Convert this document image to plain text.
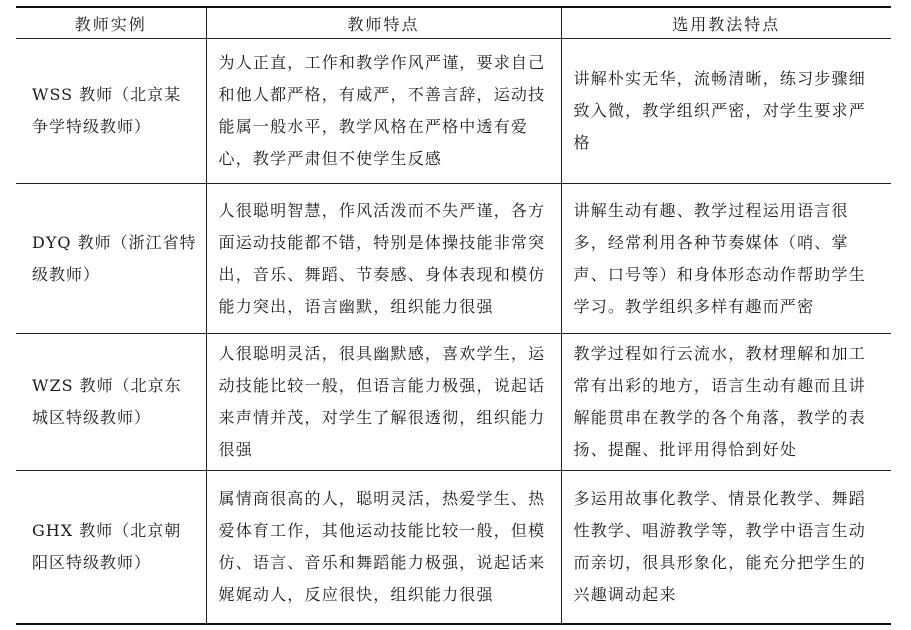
教师实例	教师特点	选用教法特点
WSS 教师（北京某争学特级教师）	为人正直，工作和教学作风严谨，要求自己和他人都严格，有威严，不善言辞，运动技能属一般水平，教学风格在严格中透有爱心，教学严肃但不使学生反感	讲解朴实无华，流畅清晰，练习步骤细致入微，教学组织严密，对学生要求严格
DYQ 教师（浙江省特级教师）	人很聪明智慧，作风活泼而不失严谨，各方面运动技能都不错，特别是体操技能非常突出，音乐、舞蹈、节奏感、身体表现和模仿能力突出，语言幽默，组织能力很强	讲解生动有趣、教学过程运用语言很多，经常利用各种节奏媒体（哨、掌声、口号等）和身体形态动作帮助学生学习。教学组织多样有趣而严密
WZS 教师（北京东城区特级教师）	人很聪明灵活，很具幽默感，喜欢学生，运动技能比较一般，但语言能力极强，说起话来声情并茂，对学生了解很透彻，组织能力很强	教学过程如行云流水，教材理解和加工常有出彩的地方，语言生动有趣而且讲解能贯串在教学的各个角落，教学的表扬、提醒、批评用得恰到好处
GHX 教师（北京朝阳区特级教师）	属情商很高的人，聪明灵活，热爱学生、热爱体育工作，其他运动技能比较一般，但模仿、语言、音乐和舞蹈能力极强，说起话来娓娓动人，反应很快，组织能力很强	多运用故事化教学、情景化教学、舞蹈性教学、唱游教学等，教学中语言生动而亲切，很具形象化，能充分把学生的兴趣调动起来
